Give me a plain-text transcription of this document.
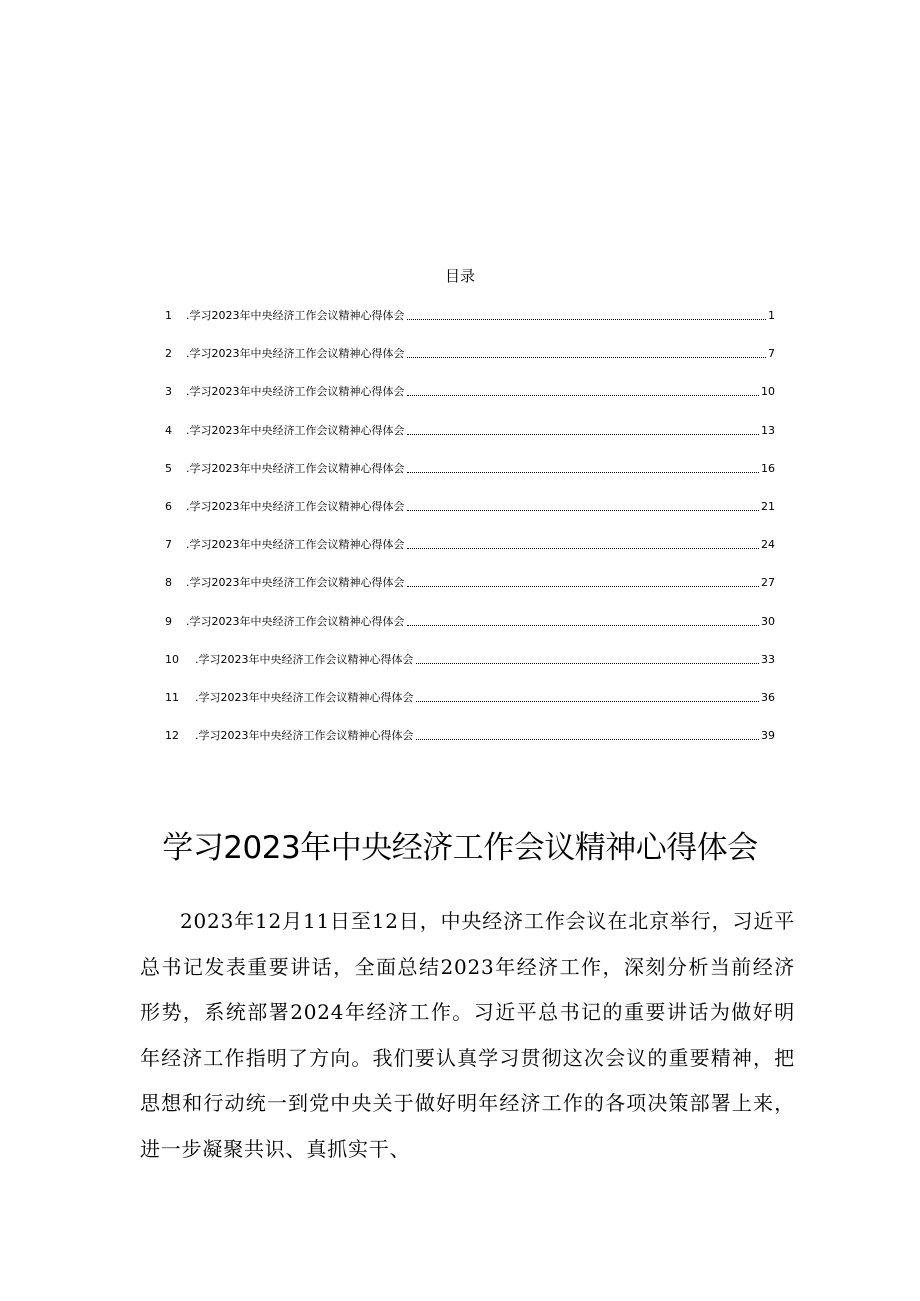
目录
1	.学习2023年中央经济工作会议精神心得体会	1
2	.学习2023年中央经济工作会议精神心得体会	7
3	.学习2023年中央经济工作会议精神心得体会	10
4	.学习2023年中央经济工作会议精神心得体会	13
5	.学习2023年中央经济工作会议精神心得体会	16
6	.学习2023年中央经济工作会议精神心得体会	21
7	.学习2023年中央经济工作会议精神心得体会	24
8	.学习2023年中央经济工作会议精神心得体会	27
9	.学习2023年中央经济工作会议精神心得体会	30
10	.学习2023年中央经济工作会议精神心得体会	33
11	.学习2023年中央经济工作会议精神心得体会	36
12	.学习2023年中央经济工作会议精神心得体会	39
学习2023年中央经济工作会议精神心得体会

2023年12月11日至12日，中央经济工作会议在北京举行，习近平总书记发表重要讲话，全面总结2023年经济工作，深刻分析当前经济形势，系统部署2024年经济工作。习近平总书记的重要讲话为做好明年经济工作指明了方向。我们要认真学习贯彻这次会议的重要精神，把思想和行动统一到党中央关于做好明年经济工作的各项决策部署上来，进一步凝聚共识、真抓实干、
